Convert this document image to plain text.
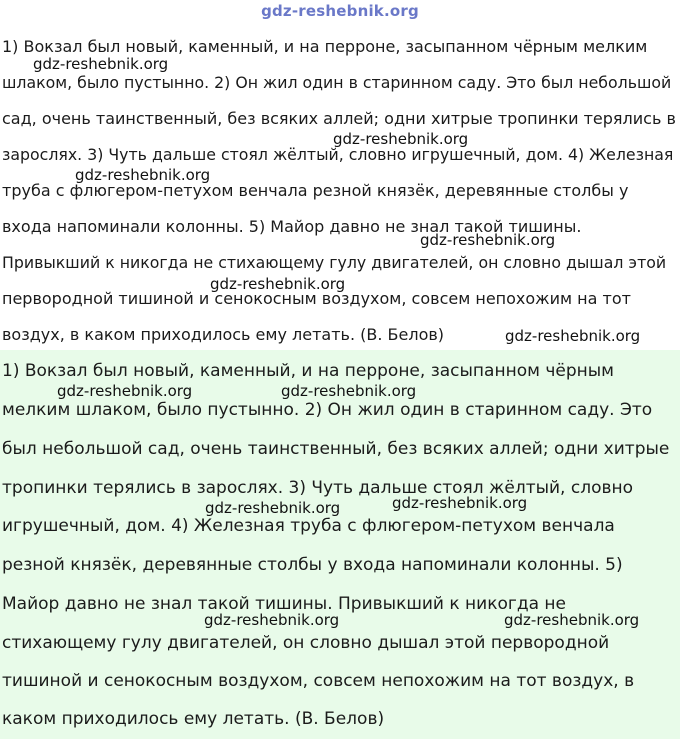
gdz-reshebnik.org
1) Вокзал был новый, каменный, и на перроне, засыпанном чёрным мелким
шлаком, было пустынно. 2) Он жил один в старинном саду. Это был небольшой
сад, очень таинственный, без всяких аллей; одни хитрые тропинки терялись в
зарослях. 3) Чуть дальше стоял жёлтый, словно игрушечный, дом. 4) Железная
труба с флюгером-петухом венчала резной князёк, деревянные столбы у
входа напоминали колонны. 5) Майор давно не знал такой тишины.
Привыкший к никогда не стихающему гулу двигателей, он словно дышал этой
первородной тишиной и сенокосным воздухом, совсем непохожим на тот
воздух, в каком приходилось ему летать. (В. Белов)
1) Вокзал был новый, каменный, и на перроне, засыпанном чёрным
мелким шлаком, было пустынно. 2) Он жил один в старинном саду. Это
был небольшой сад, очень таинственный, без всяких аллей; одни хитрые
тропинки терялись в зарослях. 3) Чуть дальше стоял жёлтый, словно
игрушечный, дом. 4) Железная труба с флюгером-петухом венчала
резной князёк, деревянные столбы у входа напоминали колонны. 5)
Майор давно не знал такой тишины. Привыкший к никогда не
стихающему гулу двигателей, он словно дышал этой первородной
тишиной и сенокосным воздухом, совсем непохожим на тот воздух, в
каком приходилось ему летать. (В. Белов)
gdz-reshebnik.org
gdz-reshebnik.org
gdz-reshebnik.org
gdz-reshebnik.org
gdz-reshebnik.org
gdz-reshebnik.org
gdz-reshebnik.org	gdz-reshebnik.org
gdz-reshebnik.org	gdz-reshebnik.org
gdz-reshebnik.org	gdz-reshebnik.org
